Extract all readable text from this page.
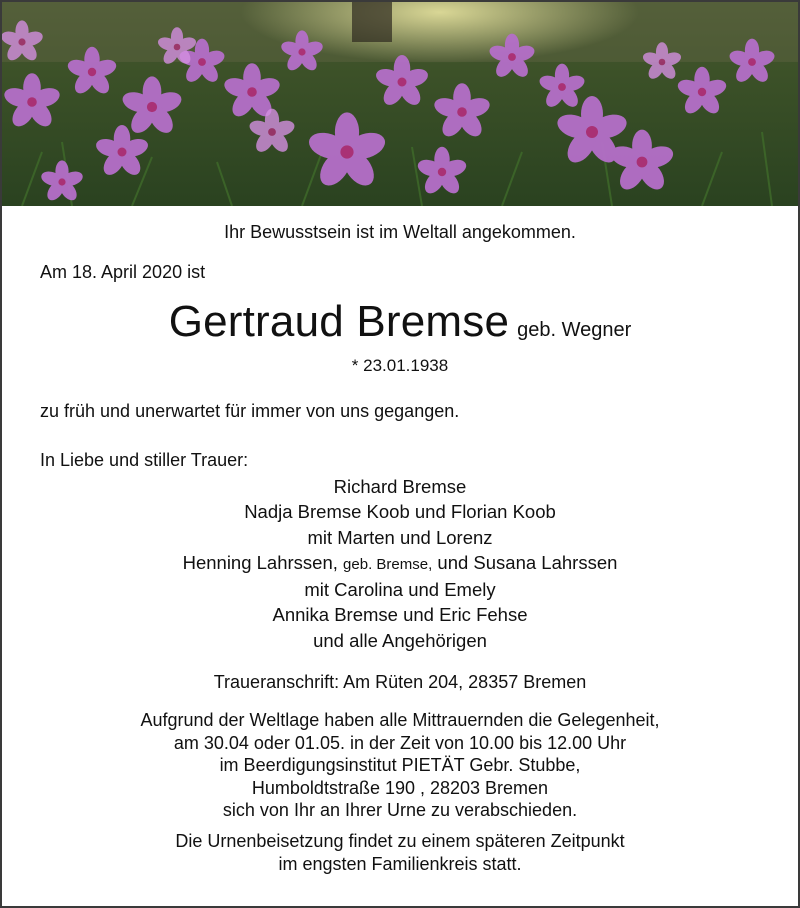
Ihr Bewusstsein ist im Weltall angekommen.
Am 18. April 2020 ist
Gertraud Bremse geb. Wegner
* 23.01.1938
zu früh und unerwartet für immer von uns gegangen.
In Liebe und stiller Trauer:
Richard Bremse
Nadja Bremse Koob und Florian Koob
mit Marten und Lorenz
Henning Lahrssen, geb. Bremse, und Susana Lahrssen
mit Carolina und Emely
Annika Bremse und Eric Fehse
und alle Angehörigen
Traueranschrift: Am Rüten 204, 28357 Bremen
Aufgrund der Weltlage haben alle Mittrauernden die Gelegenheit,
am 30.04 oder 01.05. in der Zeit von 10.00 bis 12.00 Uhr
im Beerdigungsinstitut PIETÄT Gebr. Stubbe,
Humboldtstraße 190 , 28203 Bremen
sich von Ihr an Ihrer Urne zu verabschieden.
Die Urnenbeisetzung findet zu einem späteren Zeitpunkt
im engsten Familienkreis statt.
